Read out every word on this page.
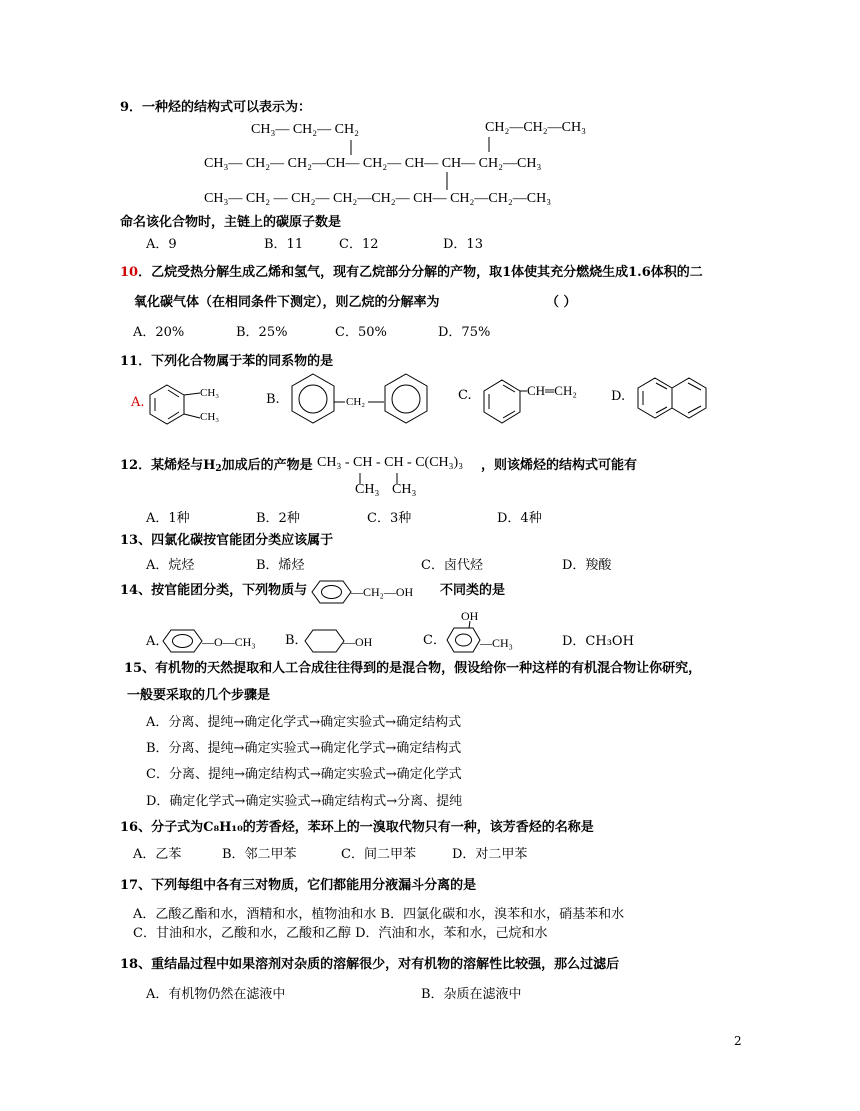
9．一种烃的结构式可以表示为：
CH₃— CH₂— CH₂	CH₂—CH₂—CH₃
CH₃— CH₂— CH₂—CH— CH₂— CH— CH— CH₂—CH₃
CH₃— CH₂ — CH₂— CH₂—CH₂— CH— CH₂—CH₂—CH₃
命名该化合物时，主链上的碳原子数是
A．9	B．11	C．12	D．13
10．乙烷受热分解生成乙烯和氢气，现有乙烷部分分解的产物，取1体使其充分燃烧生成1.6体积的二
氧化碳气体（在相同条件下测定），则乙烷的分解率为	（ ）
A．20%	B．25%	C．50%	D．75%
11．下列化合物属于苯的同系物的是
A.	B.	C.	D.
CH₃
CH₃
CH₂
CH═CH₂
12．某烯烃与$H_2$加成后的产物是 CH₃ - CH - CH - C(CH₃)₃
CH₃ CH₃
，则该烯烃的结构式可能有
A．1种	B．2种	C．3种	D．4种
13、四氯化碳按官能团分类应该属于
A．烷烃	B．烯烃	C．卤代烃	D．羧酸
14、按官能团分类，下列物质与	不同类的是
—CH₂—OH
A．	—O—CH₃ B．	—OH	C．
OH
—CH₃	D．CH₃OH
15、有机物的天然提取和人工合成往往得到的是混合物，假设给你一种这样的有机混合物让你研究，
一般要采取的几个步骤是
A．分离、提纯→确定化学式→确定实验式→确定结构式
B．分离、提纯→确定实验式→确定化学式→确定结构式
C．分离、提纯→确定结构式→确定实验式→确定化学式
D．确定化学式→确定实验式→确定结构式→分离、提纯
16、分子式为C₈H₁₀的芳香烃，苯环上的一溴取代物只有一种，该芳香烃的名称是
A．乙苯	B．邻二甲苯	C．间二甲苯	D．对二甲苯
17、下列每组中各有三对物质，它们都能用分液漏斗分离的是
A．乙酸乙酯和水，酒精和水，植物油和水 B．四氯化碳和水，溴苯和水，硝基苯和水
C．甘油和水，乙酸和水，乙酸和乙醇 D．汽油和水，苯和水，己烷和水
18、重结晶过程中如果溶剂对杂质的溶解很少，对有机物的溶解性比较强，那么过滤后
A．有机物仍然在滤液中	B．杂质在滤液中
2
